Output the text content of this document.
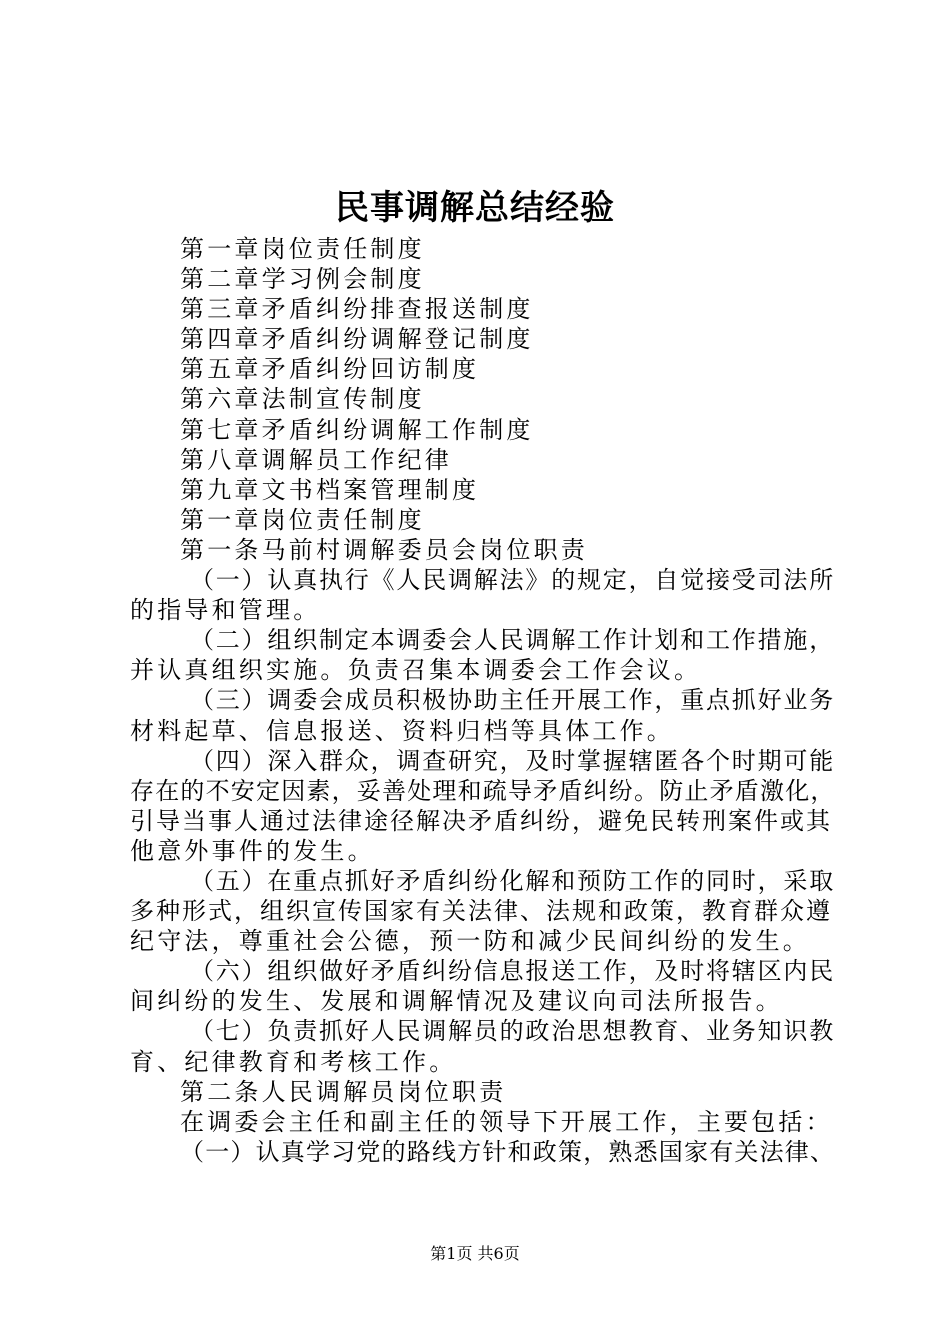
民事调解总结经验
第一章岗位责任制度
第二章学习例会制度
第三章矛盾纠纷排查报送制度
第四章矛盾纠纷调解登记制度
第五章矛盾纠纷回访制度
第六章法制宣传制度
第七章矛盾纠纷调解工作制度
第八章调解员工作纪律
第九章文书档案管理制度
第一章岗位责任制度
第一条马前村调解委员会岗位职责
（一）认真执行《人民调解法》的规定，自觉接受司法所
的指导和管理。
（二）组织制定本调委会人民调解工作计划和工作措施，
并认真组织实施。负责召集本调委会工作会议。
（三）调委会成员积极协助主任开展工作，重点抓好业务
材料起草、信息报送、资料归档等具体工作。
（四）深入群众，调查研究，及时掌握辖匿各个时期可能
存在的不安定因素，妥善处理和疏导矛盾纠纷。防止矛盾激化，
引导当事人通过法律途径解决矛盾纠纷，避免民转刑案件或其
他意外事件的发生。
（五）在重点抓好矛盾纠纷化解和预防工作的同时，采取
多种形式，组织宣传国家有关法律、法规和政策，教育群众遵
纪守法，尊重社会公德，预一防和减少民间纠纷的发生。
（六）组织做好矛盾纠纷信息报送工作，及时将辖区内民
间纠纷的发生、发展和调解情况及建议向司法所报告。
（七）负责抓好人民调解员的政治思想教育、业务知识教
育、纪律教育和考核工作。
第二条人民调解员岗位职责
在调委会主任和副主任的领导下开展工作，主要包括：
（一）认真学习党的路线方针和政策，熟悉国家有关法律、
第1页 共6页
